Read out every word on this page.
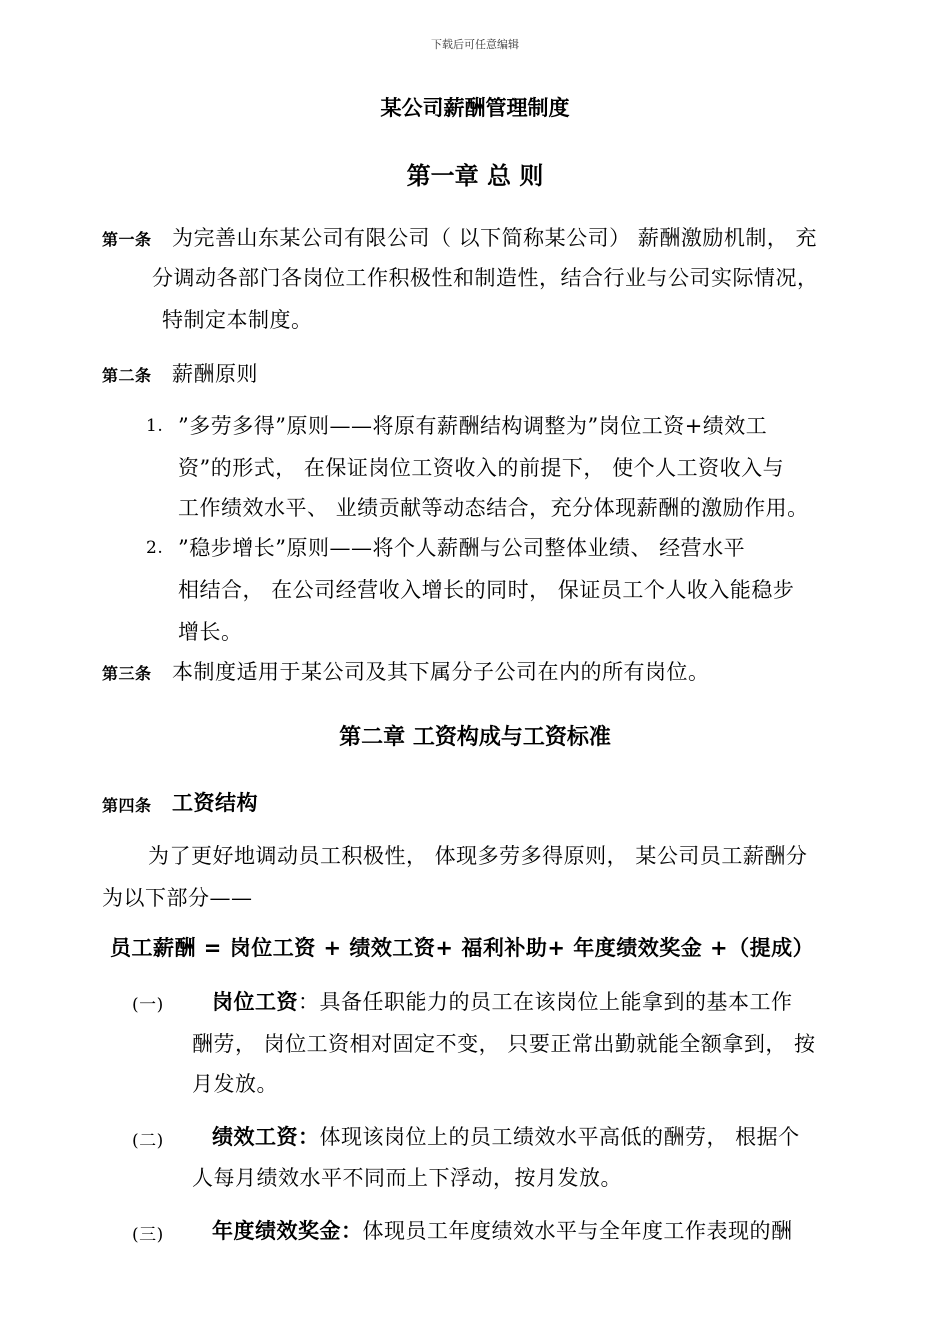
下载后可任意编辑
某公司薪酬管理制度
第一章 总 则
第一条 为完善山东某公司有限公司（ 以下简称某公司） 薪酬激励机制， 充
分调动各部门各岗位工作积极性和制造性，结合行业与公司实际情况，
特制定本制度。
第二条 薪酬原则
1. ”多劳多得”原则——将原有薪酬结构调整为”岗位工资+绩效工
资”的形式， 在保证岗位工资收入的前提下， 使个人工资收入与
工作绩效水平、 业绩贡献等动态结合，充分体现薪酬的激励作用。
2. ”稳步增长”原则——将个人薪酬与公司整体业绩、 经营水平
相结合， 在公司经营收入增长的同时， 保证员工个人收入能稳步
增长。
第三条 本制度适用于某公司及其下属分子公司在内的所有岗位。
第二章 工资构成与工资标准
第四条 工资结构
为了更好地调动员工积极性， 体现多劳多得原则， 某公司员工薪酬分
为以下部分——
员工薪酬 = 岗位工资 + 绩效工资+ 福利补助+ 年度绩效奖金 +（提成）
(一) 岗位工资：具备任职能力的员工在该岗位上能拿到的基本工作
酬劳， 岗位工资相对固定不变， 只要正常出勤就能全额拿到， 按
月发放。
(二) 绩效工资：体现该岗位上的员工绩效水平高低的酬劳， 根据个
人每月绩效水平不同而上下浮动，按月发放。
(三) 年度绩效奖金：体现员工年度绩效水平与全年度工作表现的酬
